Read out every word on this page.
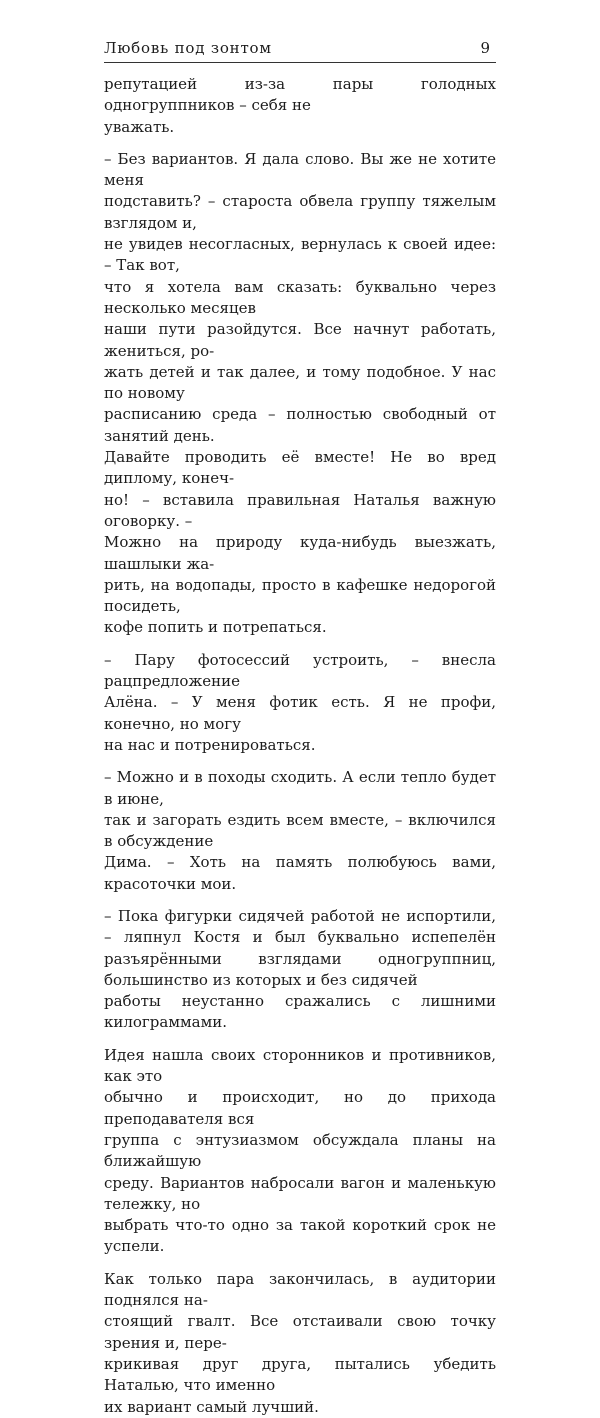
Любовь под зонтом	9

репутацией из-за пары голодных одногруппников – себя не
уважать.

– Без вариантов. Я дала слово. Вы же не хотите меня
подставить? – староста обвела группу тяжелым взглядом и,
не увидев несогласных, вернулась к своей идее: – Так вот,
что я хотела вам сказать: буквально через несколько месяцев
наши пути разойдутся. Все начнут работать, жениться, ро-
жать детей и так далее, и тому подобное. У нас по новому
расписанию среда – полностью свободный от занятий день.
Давайте проводить её вместе! Не во вред диплому, конеч-
но! – вставила правильная Наталья важную оговорку. –
Можно на природу куда-нибудь выезжать, шашлыки жа-
рить, на водопады, просто в кафешке недорогой посидеть,
кофе попить и потрепаться.

– Пару фотосессий устроить, – внесла рацпредложение
Алёна. – У меня фотик есть. Я не профи, конечно, но могу
на нас и потренироваться.

– Можно и в походы сходить. А если тепло будет в июне,
так и загорать ездить всем вместе, – включился в обсуждение
Дима. – Хоть на память полюбуюсь вами, красоточки мои.

– Пока фигурки сидячей работой не испортили, – ляпнул Костя и был буквально испепелён разъярёнными взглядами одногруппниц, большинство из которых и без сидячей
работы неустанно сражались с лишними килограммами.

Идея нашла своих сторонников и противников, как это
обычно и происходит, но до прихода преподавателя вся
группа с энтузиазмом обсуждала планы на ближайшую
среду. Вариантов набросали вагон и маленькую тележку, но
выбрать что-то одно за такой короткий срок не успели.

Как только пара закончилась, в аудитории поднялся на-
стоящий гвалт. Все отстаивали свою точку зрения и, пере-
крикивая друг друга, пытались убедить Наталью, что именно
их вариант самый лучший.
